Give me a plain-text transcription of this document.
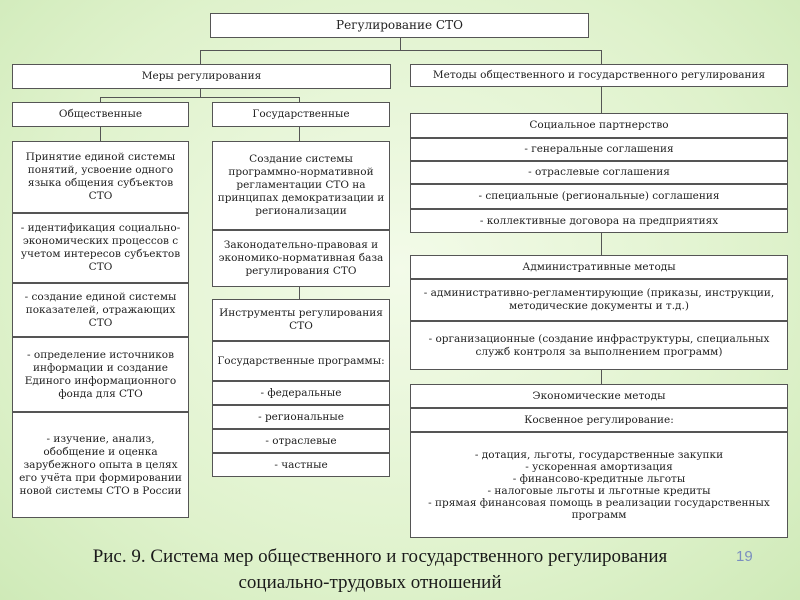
Регулирование СТО
Меры регулирования	Методы общественного и государственного регулирования
Общественные	Государственные
Принятие единой системы понятий, усвоение одного языка общения субъектов СТО
- идентификация социально-экономических процессов с учетом интересов субъектов СТО
- создание единой системы показателей, отражающих СТО
- определение источников информации и создание Единого информационного фонда для СТО
- изучение, анализ, обобщение и оценка зарубежного опыта в целях его учёта при формировании новой системы СТО в России
Создание системы программно-нормативной регламентации СТО на принципах демократизации и регионализации
Законодательно-правовая и экономико-нормативная база регулирования СТО
Инструменты регулирования СТО
Государственные программы:
- федеральные
- региональные
- отраслевые
- частные
Социальное партнерство
- генеральные соглашения
- отраслевые соглашения
- специальные (региональные) соглашения
- коллективные договора на предприятиях
Административные методы
- административно-регламентирующие (приказы, инструкции, методические документы и т.д.)
- организационные (создание инфраструктуры, специальных служб контроля за выполнением программ)
Экономические методы
Косвенное регулирование:
- дотация, льготы, государственные закупки
- ускоренная амортизация
- финансово-кредитные льготы
- налоговые льготы и льготные кредиты
- прямая финансовая помощь в реализации государственных программ
Рис. 9. Система мер общественного и государственного регулирования
социально-трудовых отношений
19
